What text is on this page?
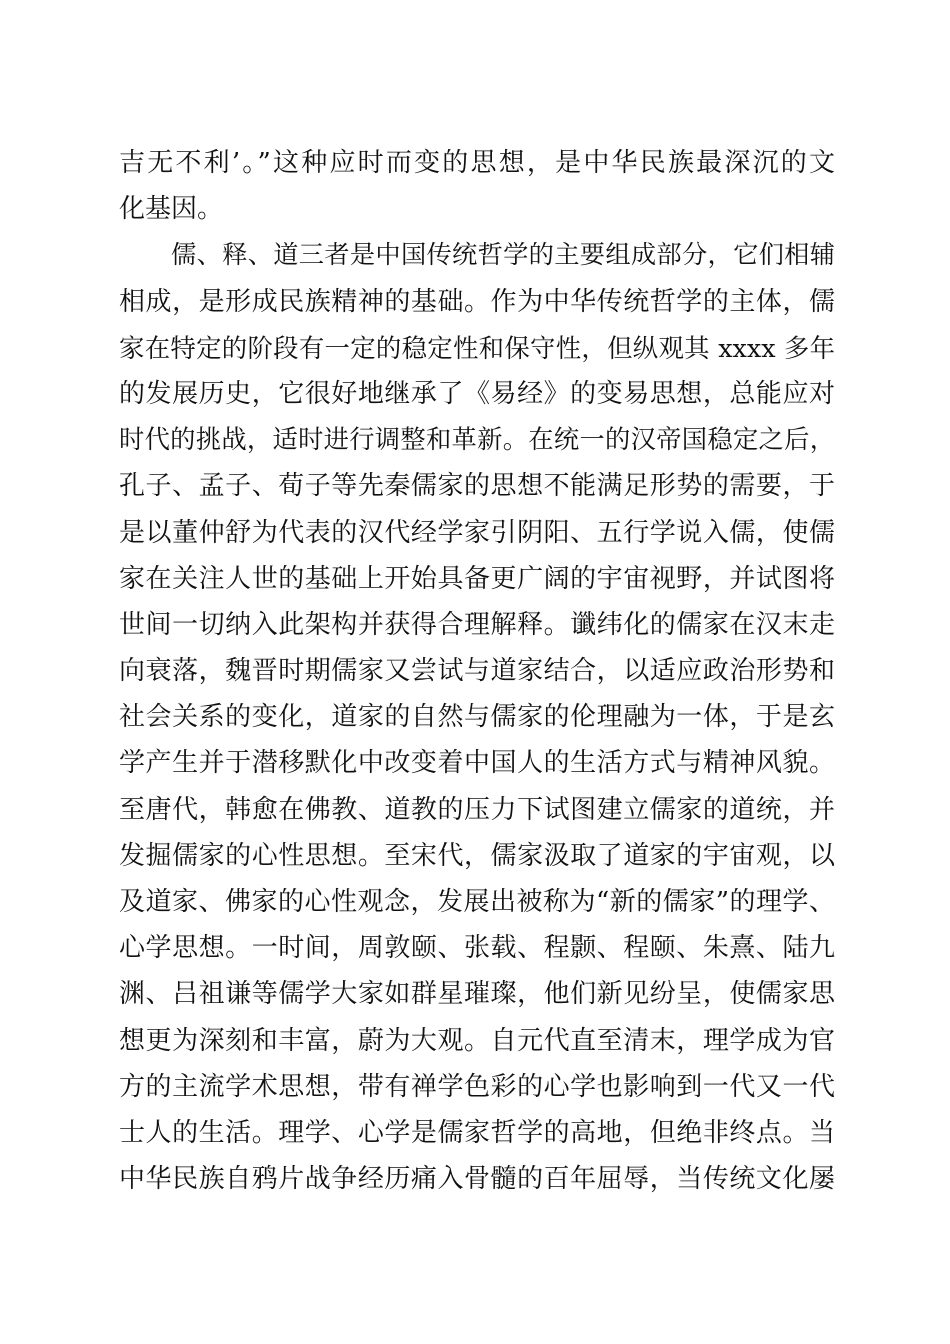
吉无不利’。”这种应时而变的思想，是中华民族最深沉的文
化基因。
儒、释、道三者是中国传统哲学的主要组成部分，它们相辅
相成，是形成民族精神的基础。作为中华传统哲学的主体，儒
家在特定的阶段有一定的稳定性和保守性，但纵观其 xxxx 多年
的发展历史，它很好地继承了《易经》的变易思想，总能应对
时代的挑战，适时进行调整和革新。在统一的汉帝国稳定之后，
孔子、孟子、荀子等先秦儒家的思想不能满足形势的需要，于
是以董仲舒为代表的汉代经学家引阴阳、五行学说入儒，使儒
家在关注人世的基础上开始具备更广阔的宇宙视野，并试图将
世间一切纳入此架构并获得合理解释。谶纬化的儒家在汉末走
向衰落，魏晋时期儒家又尝试与道家结合，以适应政治形势和
社会关系的变化，道家的自然与儒家的伦理融为一体，于是玄
学产生并于潜移默化中改变着中国人的生活方式与精神风貌。
至唐代，韩愈在佛教、道教的压力下试图建立儒家的道统，并
发掘儒家的心性思想。至宋代，儒家汲取了道家的宇宙观，以
及道家、佛家的心性观念，发展出被称为“新的儒家”的理学、
心学思想。一时间，周敦颐、张载、程颢、程颐、朱熹、陆九
渊、吕祖谦等儒学大家如群星璀璨，他们新见纷呈，使儒家思
想更为深刻和丰富，蔚为大观。自元代直至清末，理学成为官
方的主流学术思想，带有禅学色彩的心学也影响到一代又一代
士人的生活。理学、心学是儒家哲学的高地，但绝非终点。当
中华民族自鸦片战争经历痛入骨髓的百年屈辱，当传统文化屡
